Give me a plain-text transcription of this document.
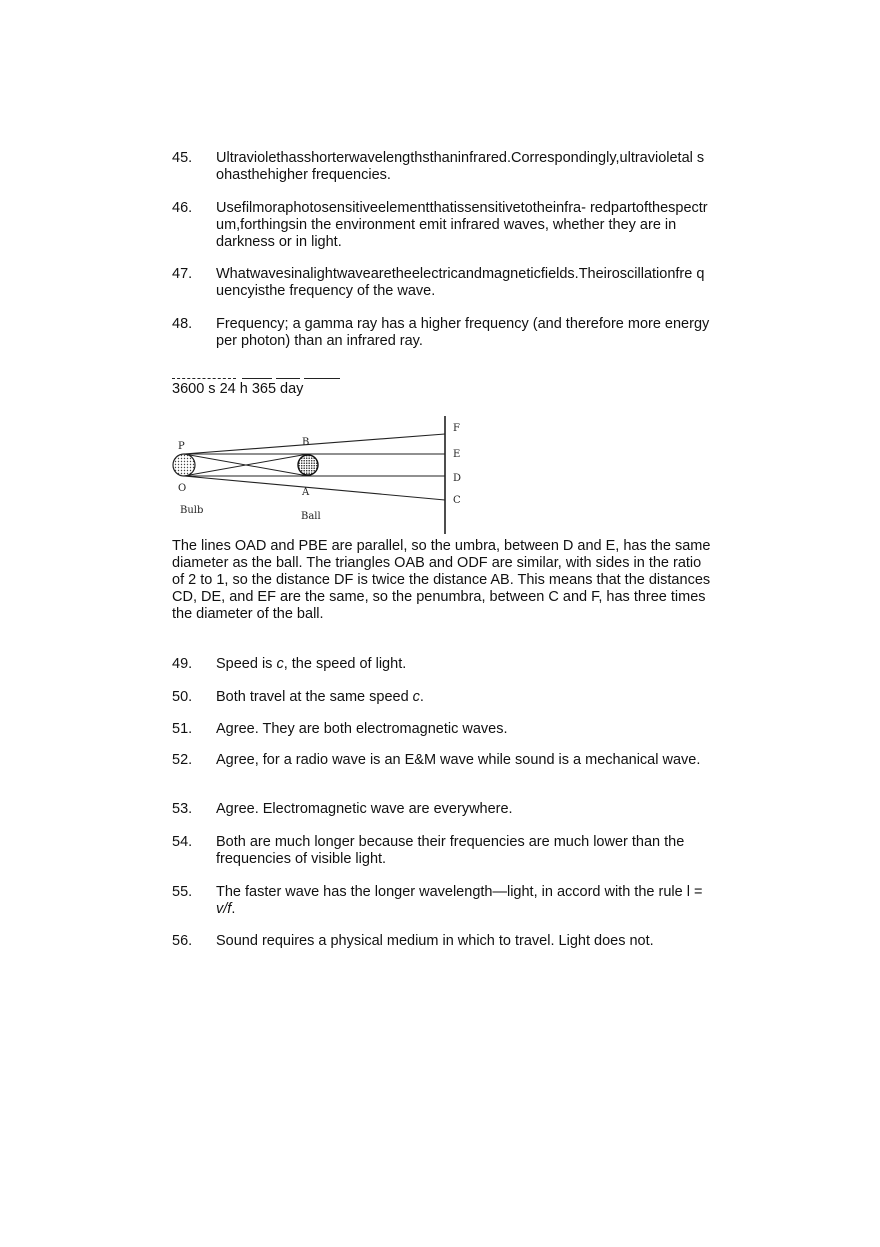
45.	Ultravioletha​sshorterwavelengthsthaninfrared.Correspondingly,ultravioletal sohasthehigher frequencies.
46.	Usefilmoraphotosensitiveelementthatissensitivetotheinfra- redpartofthespectrum,forthingsin the environment emit infrared waves, whether they are in darkness or in light.
47.	Whatwavesinalightwavearetheelectricandmagneticfields.Theiroscillationfre quencyisthe frequency of the wave.
48.	Frequency; a gamma ray has a higher frequency (and therefore more energy per photon) than an infrared ray.
3600 s 24 h 365 day
P
O
B
A
F
E
D
C
Bulb
Ball
The lines OAD and PBE are parallel, so the umbra, between D and E, has the same diameter as the ball. The triangles OAB and ODF are similar, with sides in the ratio of 2 to 1, so the distance DF is twice the distance AB. This means that the distances CD, DE, and EF are the same, so the penumbra, between C and F, has three times the diameter of the ball.
49.	Speed is c, the speed of light.
50.	Both travel at the same speed c.
51.	Agree. They are both electromagnetic waves.
52.	Agree, for a radio wave is an E&M wave while sound is a mechanical wave.
53.	Agree. Electromagnetic wave are everywhere.
54.	Both are much longer because their frequencies are much lower than the frequencies of visible light.
55.	The faster wave has the longer wavelength—light, in accord with the rule l = v/f.
56.	Sound requires a physical medium in which to travel. Light does not.
